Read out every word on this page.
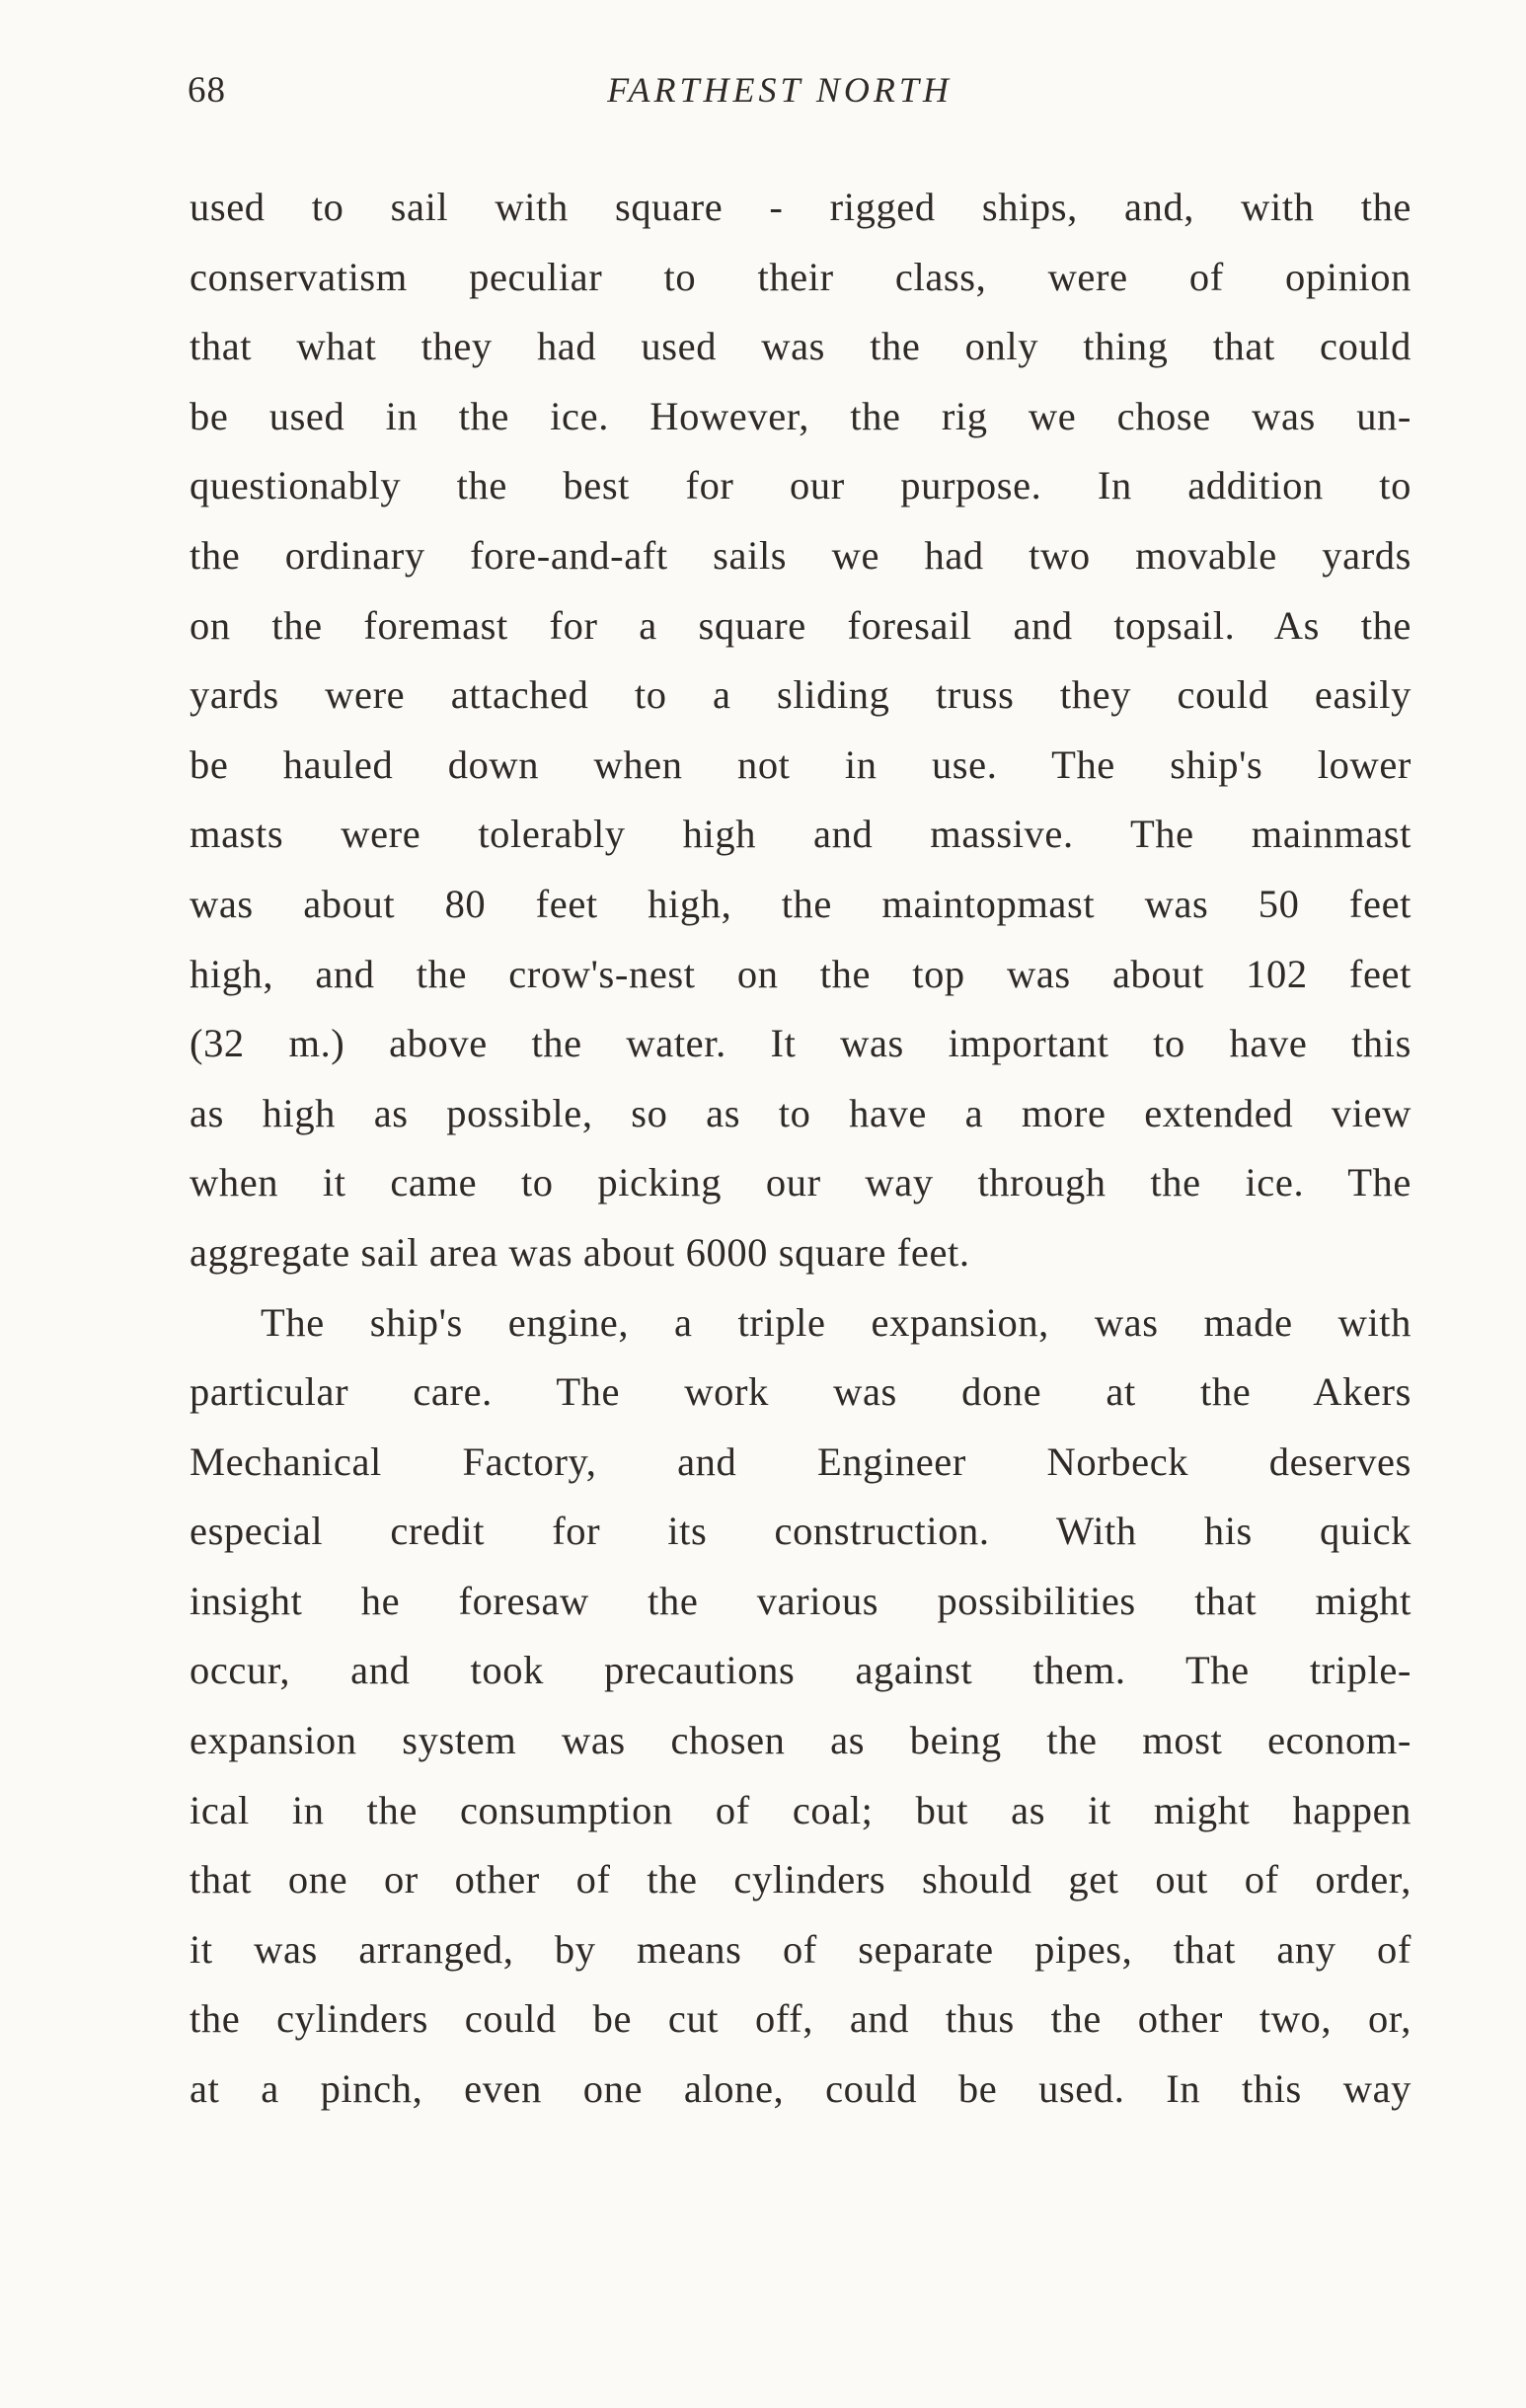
68	FARTHEST NORTH
used to sail with square - rigged ships, and, with the
conservatism peculiar to their class, were of opinion
that what they had used was the only thing that could
be used in the ice. However, the rig we chose was un-
questionably the best for our purpose. In addition to
the ordinary fore-and-aft sails we had two movable yards
on the foremast for a square foresail and topsail. As the
yards were attached to a sliding truss they could easily
be hauled down when not in use. The ship's lower
masts were tolerably high and massive. The mainmast
was about 80 feet high, the maintopmast was 50 feet
high, and the crow's-nest on the top was about 102 feet
(32 m.) above the water. It was important to have this
as high as possible, so as to have a more extended view
when it came to picking our way through the ice. The
aggregate sail area was about 6000 square feet.
The ship's engine, a triple expansion, was made with
particular care. The work was done at the Akers
Mechanical Factory, and Engineer Norbeck deserves
especial credit for its construction. With his quick
insight he foresaw the various possibilities that might
occur, and took precautions against them. The triple-
expansion system was chosen as being the most econom-
ical in the consumption of coal; but as it might happen
that one or other of the cylinders should get out of order,
it was arranged, by means of separate pipes, that any of
the cylinders could be cut off, and thus the other two, or,
at a pinch, even one alone, could be used. In this way
